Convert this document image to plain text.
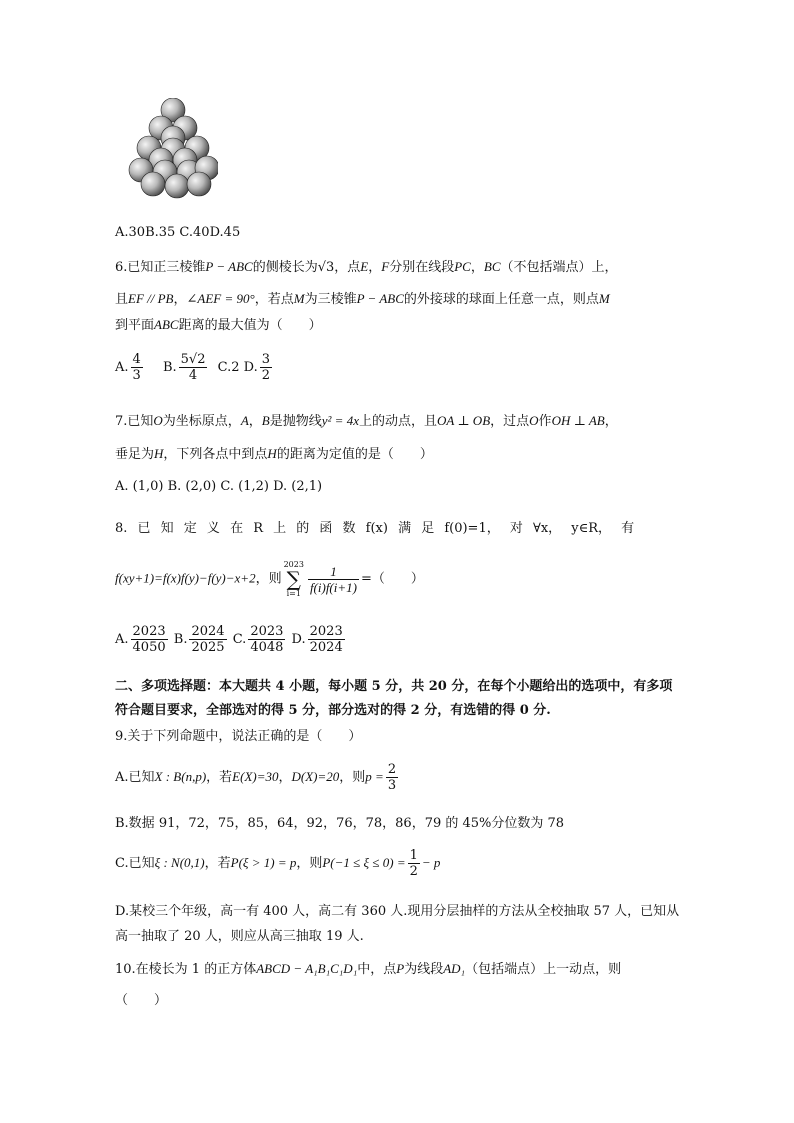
A.30B.35 C.40D.45
6.已知正三棱锥P − ABC的侧棱长为√3，点E，F分别在线段PC，BC（不包括端点）上，
且EF // PB，∠AEF = 90°，若点M为三棱锥P − ABC的外接球的球面上任意一点，则点M
到平面ABC距离的最大值为（　　）
A. $\frac{4}{3} B$. $\frac{5√2}{4} C.2$ D. $\frac{3}{2}$
7.已知O为坐标原点，A，B是抛物线y² = 4x上的动点，且OA ⊥ OB，过点O作OH ⊥ AB，
垂足为H，下列各点中到点H的距离为定值的是（　　）
A. (1,0) B. (2,0) C. (1,2) D. (2,1)
8. 已 知 定 义 在 R 上 的 函 数 f(x) 满 足 f(0)=1， 对 ∀x， y∈R， 有
f(xy+1)=f(x)f(y)−f(y)−x+2，则
2023
∑
$i=1 \frac{1}{f(i)f(i+1)}$ =（　　）
A. $\frac{2023}{4050} B$. $\frac{2024}{2025} C$. $\frac{2023}{4048} D$. $\frac{2023}{2024}$
二、多项选择题：本大题共 4 小题，每小题 5 分，共 20 分，在每个小题给出的选项中，有多项
符合题目要求，全部选对的得 5 分，部分选对的得 2 分，有选错的得 0 分.
9.关于下列命题中，说法正确的是（　　）
A.已知X : B(n,p)，若E(X)=30，D(X)=20，则$p = \frac{2}{3}$
B.数据 91，72，75，85，64，92，76，78，86，79 的 45%分位数为 78
C.已知ξ : N(0,1)，若P(ξ > 1) = p，则$P(-1 \le \xi \le 0) = \frac{1}{2} - p$
D.某校三个年级，高一有 400 人，高二有 360 人.现用分层抽样的方法从全校抽取 57 人，已知从
高一抽取了 20 人，则应从高三抽取 19 人.
10.在棱长为 1 的正方体ABCD − A₁B₁C₁D₁中，点P为线段AD₁（包括端点）上一动点，则
（　　）
